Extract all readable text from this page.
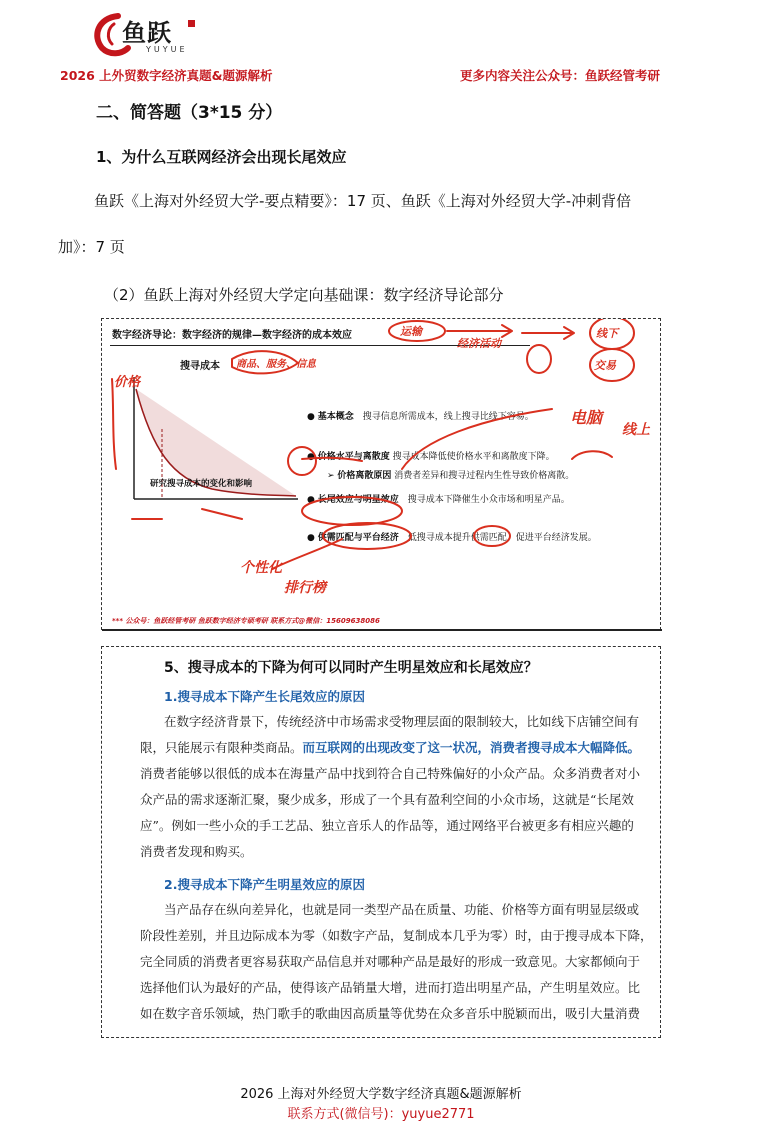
鱼跃
YUYUE
2026 上外贸数字经济真题&题源解析	更多内容关注公众号：鱼跃经管考研
二、简答题（3*15 分）
1、为什么互联网经济会出现长尾效应
鱼跃《上海对外经贸大学-要点精要》：17 页、鱼跃《上海对外经贸大学-冲刺背倍
加》：7 页
（2）鱼跃上海对外经贸大学定向基础课：数字经济导论部分
数字经济导论：数字经济的规律—数字经济的成本效应
搜寻成本
研究搜寻成本的变化和影响
● 基本概念　 搜寻信息所需成本，线上搜寻比线下容易。
● 价格水平与离散度 搜寻成本降低使价格水平和离散度下降。
➢ 价格离散原因 消费者差异和搜寻过程内生性导致价格离散。
● 长尾效应与明星效应　 搜寻成本下降催生小众市场和明星产品。
● 供需匹配与平台经济　 低搜寻成本提升供需匹配，促进平台经济发展。
价格
商品、服务、信息
运输
经济活动
线下
交易
电脑
线上
个性化
排行榜
*** 公众号：鱼跃经管考研 鱼跃数字经济专硕考研 联系方式@微信：15609638086
5、搜寻成本的下降为何可以同时产生明星效应和长尾效应？
1.搜寻成本下降产生长尾效应的原因
在数字经济背景下，传统经济中市场需求受物理层面的限制较大，比如线下店铺空间有
限，只能展示有限种类商品。而互联网的出现改变了这一状况，消费者搜寻成本大幅降低。
消费者能够以很低的成本在海量产品中找到符合自己特殊偏好的小众产品。众多消费者对小
众产品的需求逐渐汇聚，聚少成多，形成了一个具有盈利空间的小众市场，这就是“长尾效
应”。例如一些小众的手工艺品、独立音乐人的作品等，通过网络平台被更多有相应兴趣的
消费者发现和购买。
2.搜寻成本下降产生明星效应的原因
当产品存在纵向差异化，也就是同一类型产品在质量、功能、价格等方面有明显层级或
阶段性差别，并且边际成本为零（如数字产品，复制成本几乎为零）时，由于搜寻成本下降，
完全同质的消费者更容易获取产品信息并对哪种产品是最好的形成一致意见。大家都倾向于
选择他们认为最好的产品，使得该产品销量大增，进而打造出明星产品，产生明星效应。比
如在数字音乐领域，热门歌手的歌曲因高质量等优势在众多音乐中脱颖而出，吸引大量消费
2026 上海对外经贸大学数字经济真题&题源解析
联系方式(微信号)：yuyue2771
